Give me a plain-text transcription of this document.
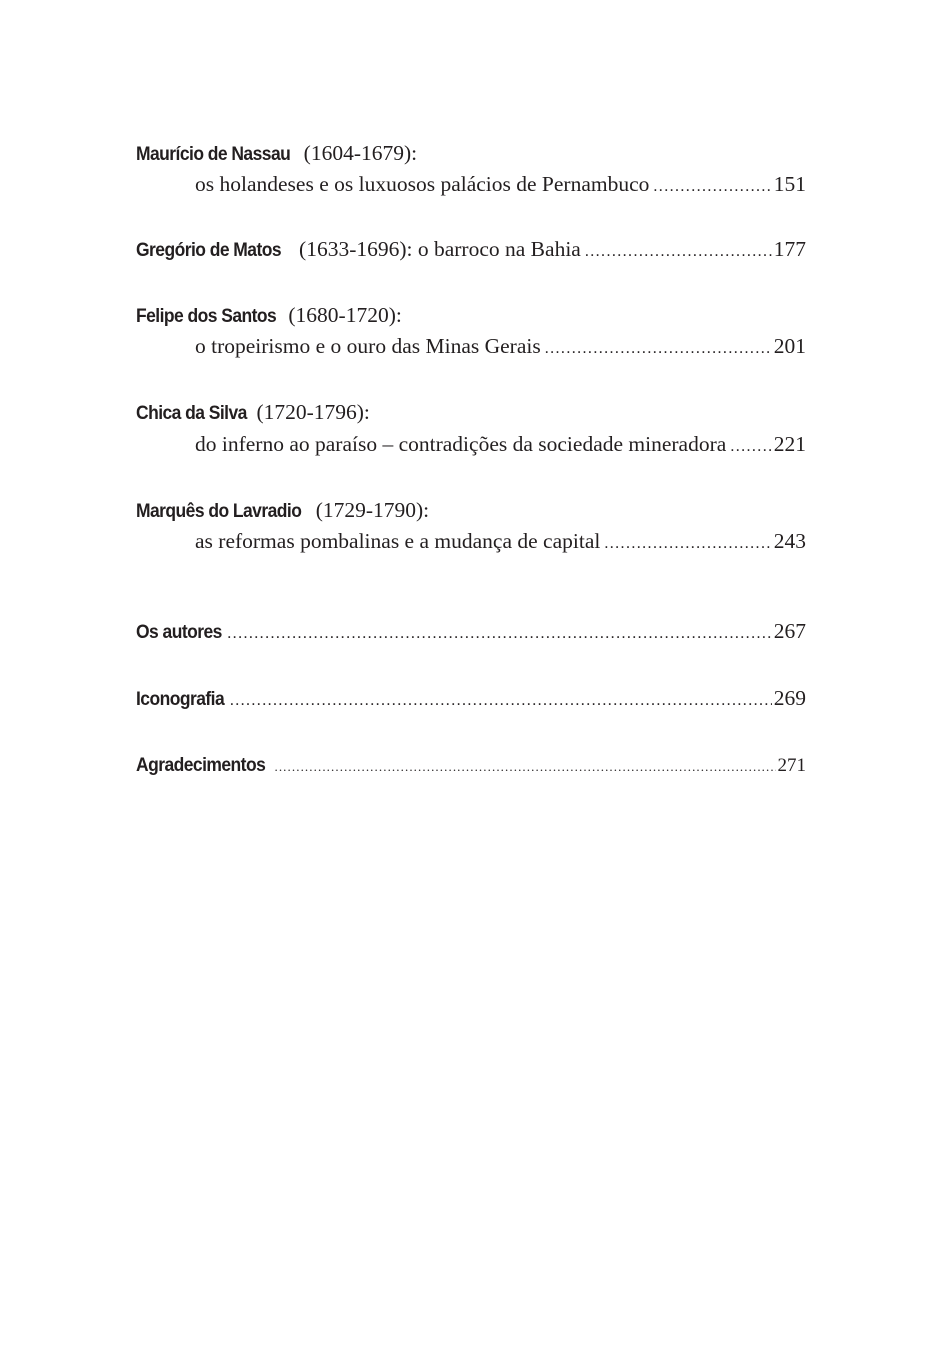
Maurício de Nassau (1604-1679):
os holandeses e os luxuosos palácios de Pernambuco .....	151
Gregório de Matos (1633-1696): o barroco na Bahia .....	177
Felipe dos Santos (1680-1720):
o tropeirismo e o ouro das Minas Gerais .....	201
Chica da Silva (1720-1796):
do inferno ao paraíso – contradições da sociedade mineradora ..... 221
Marquês do Lavradio (1729-1790):
as reformas pombalinas e a mudança de capital .....	243
Os autores .....	267
Iconografia .....	269
Agradecimentos .....	271
